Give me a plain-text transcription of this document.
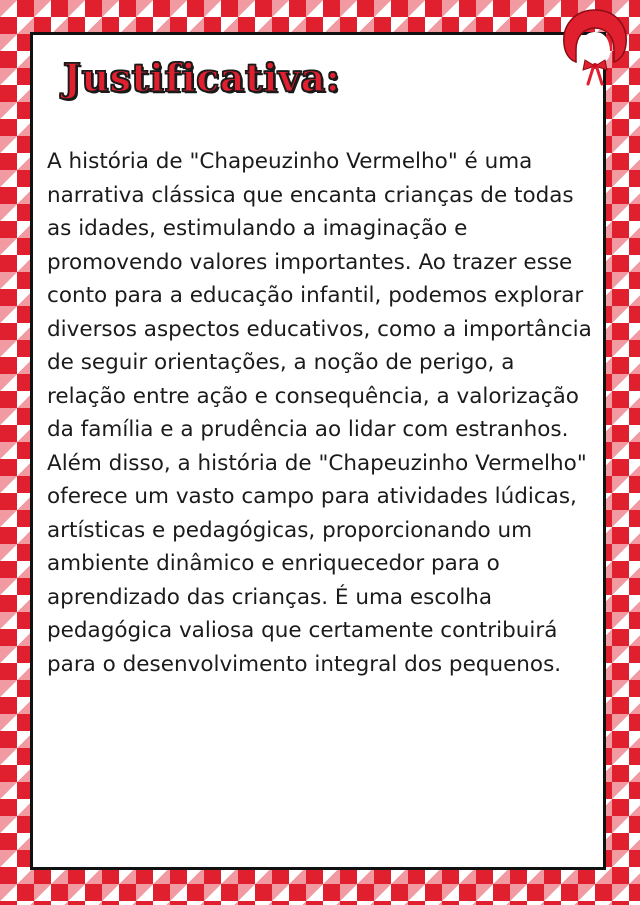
Justificativa:

A história de "Chapeuzinho Vermelho" é uma narrativa clássica que encanta crianças de todas as idades, estimulando a imaginação e promovendo valores importantes. Ao trazer esse conto para a educação infantil, podemos explorar diversos aspectos educativos, como a importância de seguir orientações, a noção de perigo, a relação entre ação e consequência, a valorização da família e a prudência ao lidar com estranhos. Além disso, a história de "Chapeuzinho Vermelho" oferece um vasto campo para atividades lúdicas, artísticas e pedagógicas, proporcionando um ambiente dinâmico e enriquecedor para o aprendizado das crianças. É uma escolha pedagógica valiosa que certamente contribuirá para o desenvolvimento integral dos pequenos.
